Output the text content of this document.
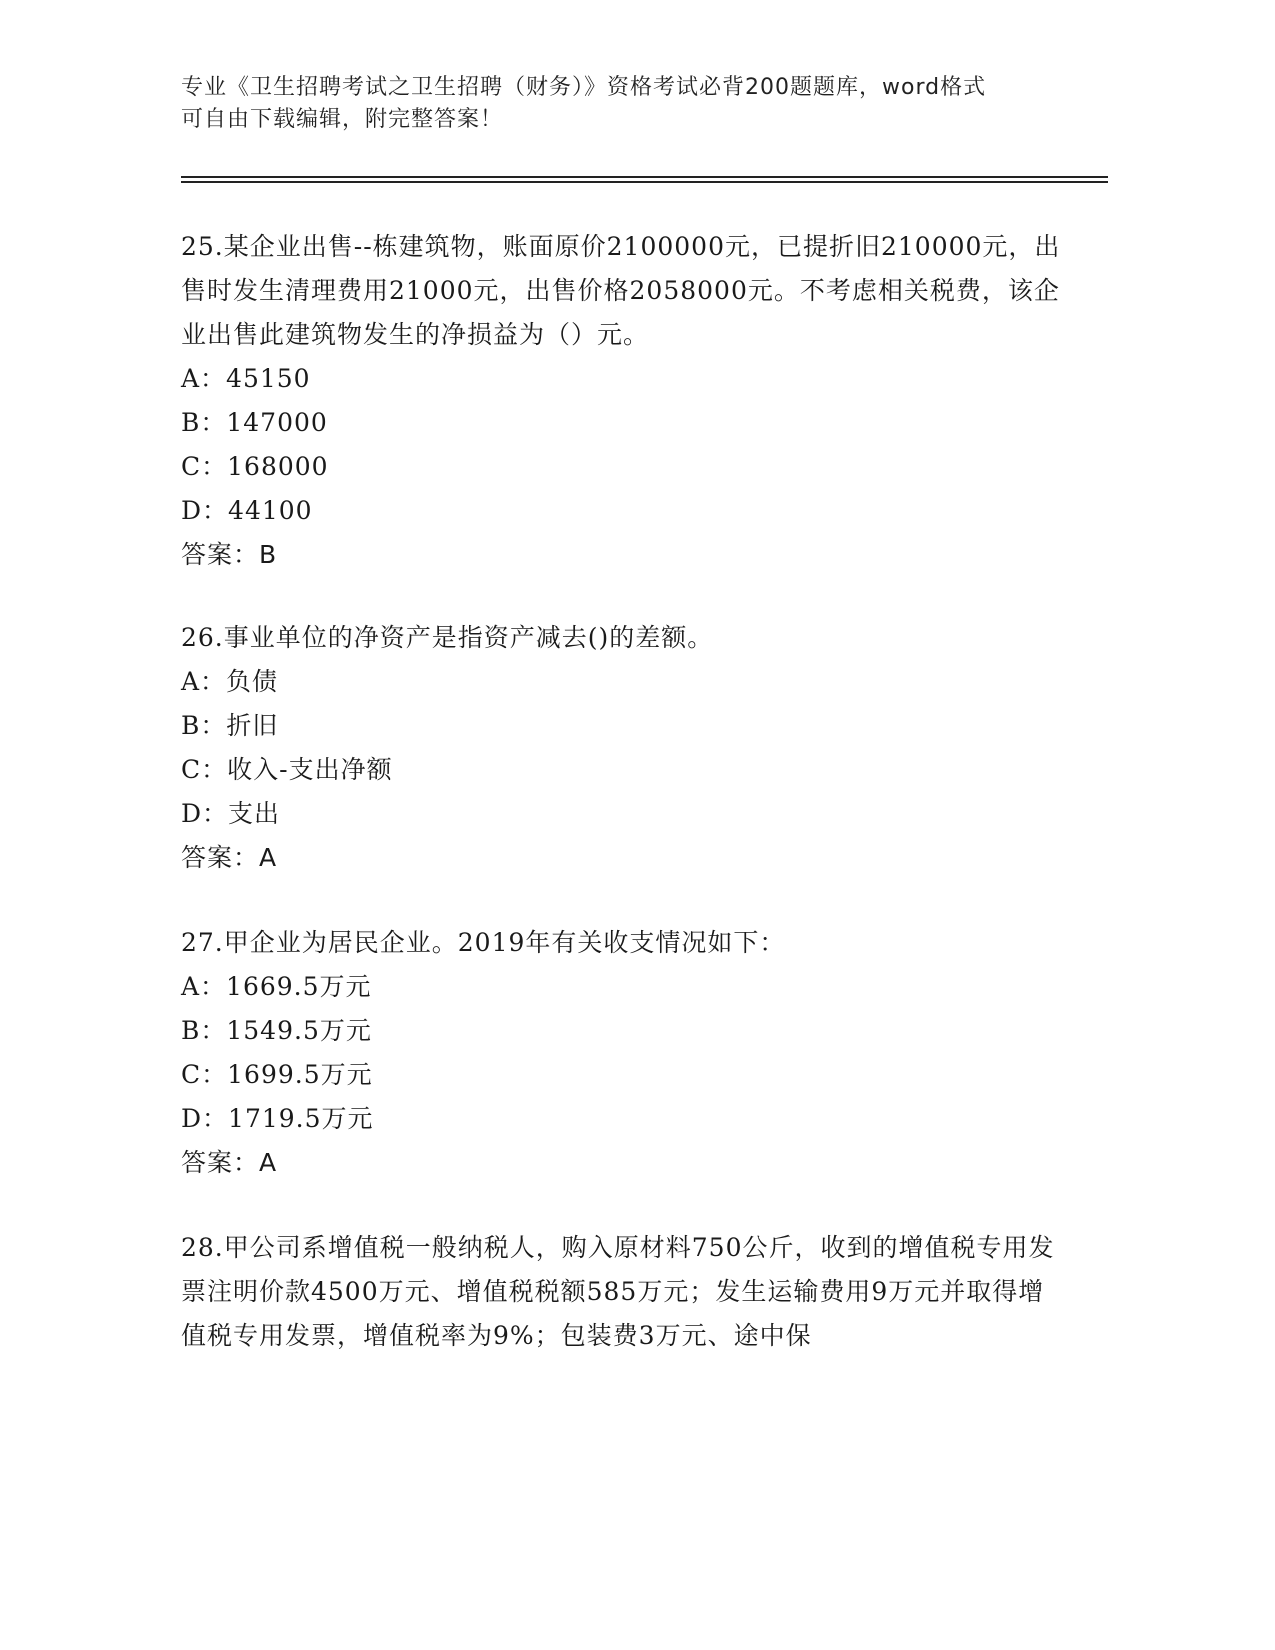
专业《卫生招聘考试之卫生招聘（财务）》资格考试必背200题题库，word格式
可自由下载编辑，附完整答案！

25.某企业出售--栋建筑物，账面原价2100000元，已提折旧210000元，出售时发生清理费用21000元，出售价格2058000元。不考虑相关税费，该企业出售此建筑物发生的净损益为（）元。

A：45150

B：147000

C：168000

D：44100

答案：B

26.事业单位的净资产是指资产减去()的差额。

A：负债

B：折旧

C：收入-支出净额

D：支出

答案：A

27.甲企业为居民企业。2019年有关收支情况如下：

A：1669.5万元

B：1549.5万元

C：1699.5万元

D：1719.5万元

答案：A

28.甲公司系增值税一般纳税人，购入原材料750公斤，收到的增值税专用发票注明价款4500万元、增值税税额585万元；发生运输费用9万元并取得增值税专用发票，增值税率为9%；包装费3万元、途中保
